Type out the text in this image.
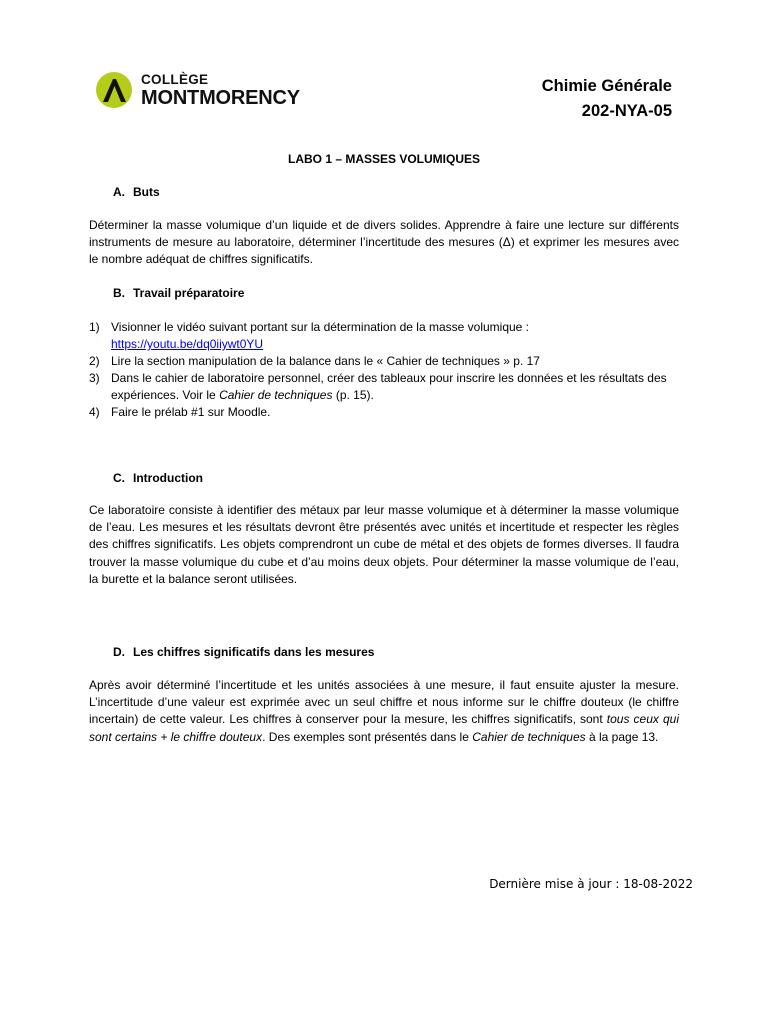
COLLÈGE
MONTMORENCY
Chimie Générale
202-NYA-05
LABO 1 – MASSES VOLUMIQUES
A. Buts

Déterminer la masse volumique d’un liquide et de divers solides. Apprendre à faire une lecture sur différents instruments de mesure au laboratoire, déterminer l’incertitude des mesures (Δ) et exprimer les mesures avec le nombre adéquat de chiffres significatifs.

B. Travail préparatoire
1) Visionner le vidéo suivant portant sur la détermination de la masse volumique :
https://youtu.be/dq0iiywt0YU
2) Lire la section manipulation de la balance dans le « Cahier de techniques » p. 17
3) Dans le cahier de laboratoire personnel, créer des tableaux pour inscrire les données et les résultats des expériences. Voir le Cahier de techniques (p. 15).
4) Faire le prélab #1 sur Moodle.
C. Introduction

Ce laboratoire consiste à identifier des métaux par leur masse volumique et à déterminer la masse volumique de l’eau. Les mesures et les résultats devront être présentés avec unités et incertitude et respecter les règles des chiffres significatifs. Les objets comprendront un cube de métal et des objets de formes diverses. Il faudra trouver la masse volumique du cube et d’au moins deux objets. Pour déterminer la masse volumique de l’eau, la burette et la balance seront utilisées.

D. Les chiffres significatifs dans les mesures

Après avoir déterminé l’incertitude et les unités associées à une mesure, il faut ensuite ajuster la mesure. L’incertitude d’une valeur est exprimée avec un seul chiffre et nous informe sur le chiffre douteux (le chiffre incertain) de cette valeur. Les chiffres à conserver pour la mesure, les chiffres significatifs, sont tous ceux qui sont certains + le chiffre douteux. Des exemples sont présentés dans le Cahier de techniques à la page 13.

Dernière mise à jour : 18-08-2022
